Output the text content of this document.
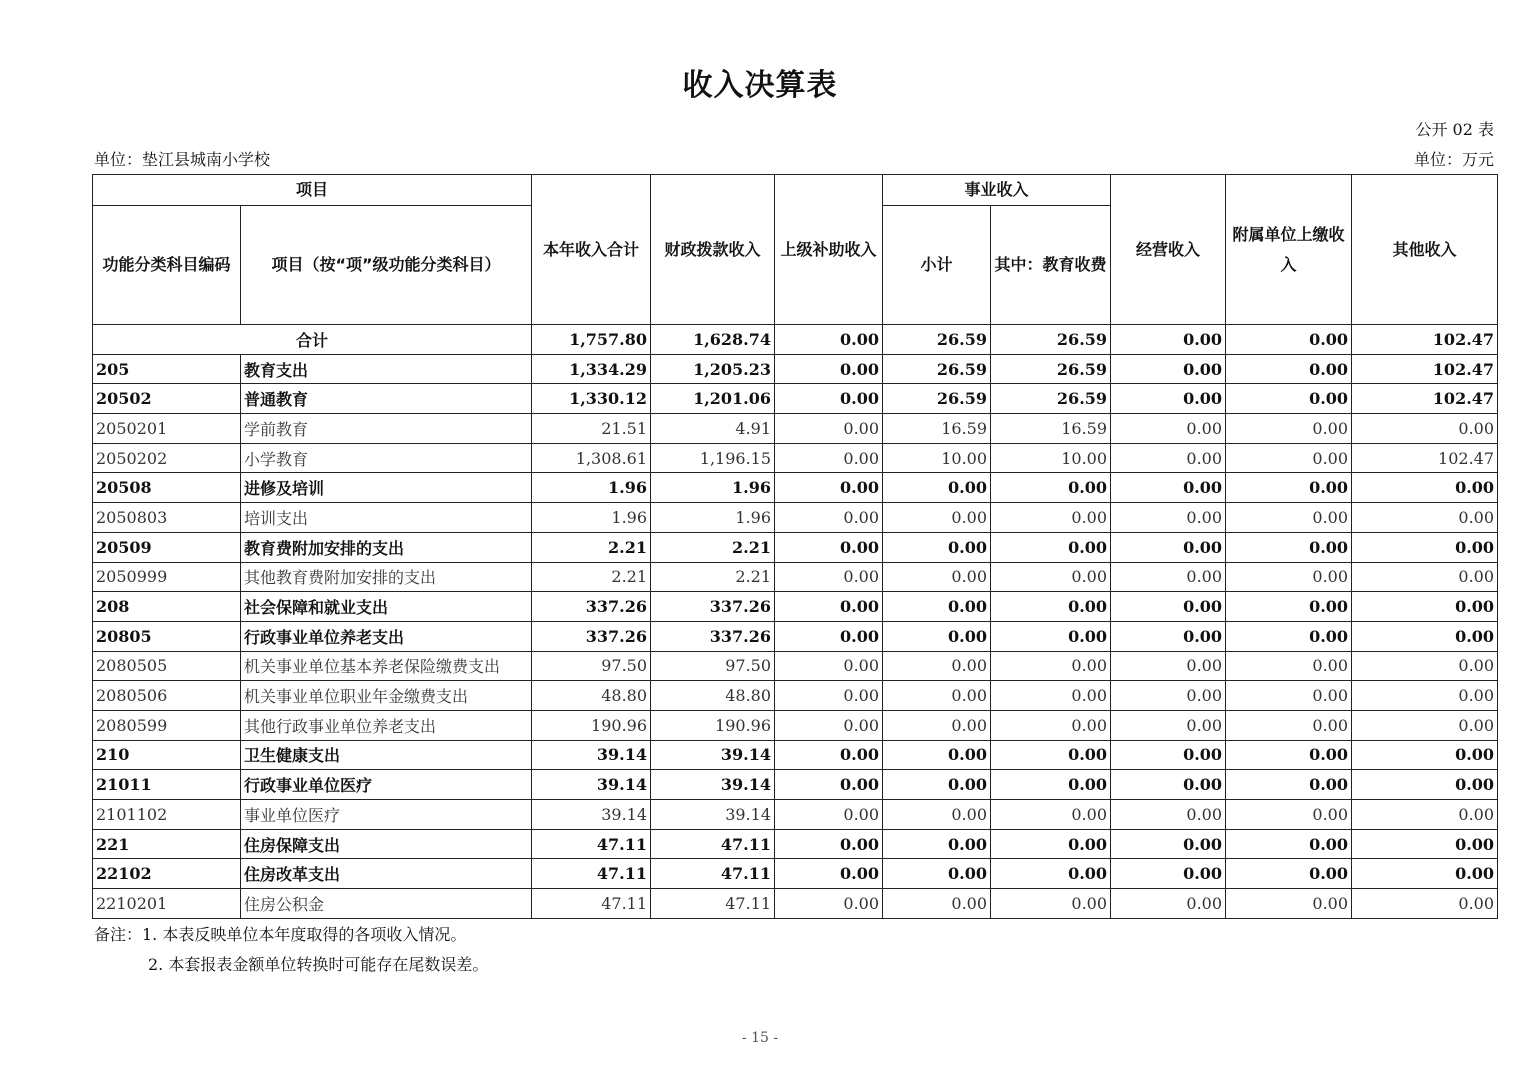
收入决算表
公开 02 表
单位：垫江县城南小学校	单位：万元
项目		本年收入合计	财政拨款收入	上级补助收入	事业收入		经营收入	附属单位上缴收入	其他收入
功能分类科目编码	项目（按“项”级功能分类科目）				小计	其中：教育收费			
合计		1,757.80	1,628.74	0.00	26.59	26.59	0.00	0.00	102.47
205	教育支出	1,334.29	1,205.23	0.00	26.59	26.59	0.00	0.00	102.47
20502	普通教育	1,330.12	1,201.06	0.00	26.59	26.59	0.00	0.00	102.47
2050201	学前教育	21.51	4.91	0.00	16.59	16.59	0.00	0.00	0.00
2050202	小学教育	1,308.61	1,196.15	0.00	10.00	10.00	0.00	0.00	102.47
20508	进修及培训	1.96	1.96	0.00	0.00	0.00	0.00	0.00	0.00
2050803	培训支出	1.96	1.96	0.00	0.00	0.00	0.00	0.00	0.00
20509	教育费附加安排的支出	2.21	2.21	0.00	0.00	0.00	0.00	0.00	0.00
2050999	其他教育费附加安排的支出	2.21	2.21	0.00	0.00	0.00	0.00	0.00	0.00
208	社会保障和就业支出	337.26	337.26	0.00	0.00	0.00	0.00	0.00	0.00
20805	行政事业单位养老支出	337.26	337.26	0.00	0.00	0.00	0.00	0.00	0.00
2080505	机关事业单位基本养老保险缴费支出	97.50	97.50	0.00	0.00	0.00	0.00	0.00	0.00
2080506	机关事业单位职业年金缴费支出	48.80	48.80	0.00	0.00	0.00	0.00	0.00	0.00
2080599	其他行政事业单位养老支出	190.96	190.96	0.00	0.00	0.00	0.00	0.00	0.00
210	卫生健康支出	39.14	39.14	0.00	0.00	0.00	0.00	0.00	0.00
21011	行政事业单位医疗	39.14	39.14	0.00	0.00	0.00	0.00	0.00	0.00
2101102	事业单位医疗	39.14	39.14	0.00	0.00	0.00	0.00	0.00	0.00
221	住房保障支出	47.11	47.11	0.00	0.00	0.00	0.00	0.00	0.00
22102	住房改革支出	47.11	47.11	0.00	0.00	0.00	0.00	0.00	0.00
2210201	住房公积金	47.11	47.11	0.00	0.00	0.00	0.00	0.00	0.00
备注：1. 本表反映单位本年度取得的各项收入情况。
2. 本套报表金额单位转换时可能存在尾数误差。
- 15 -
